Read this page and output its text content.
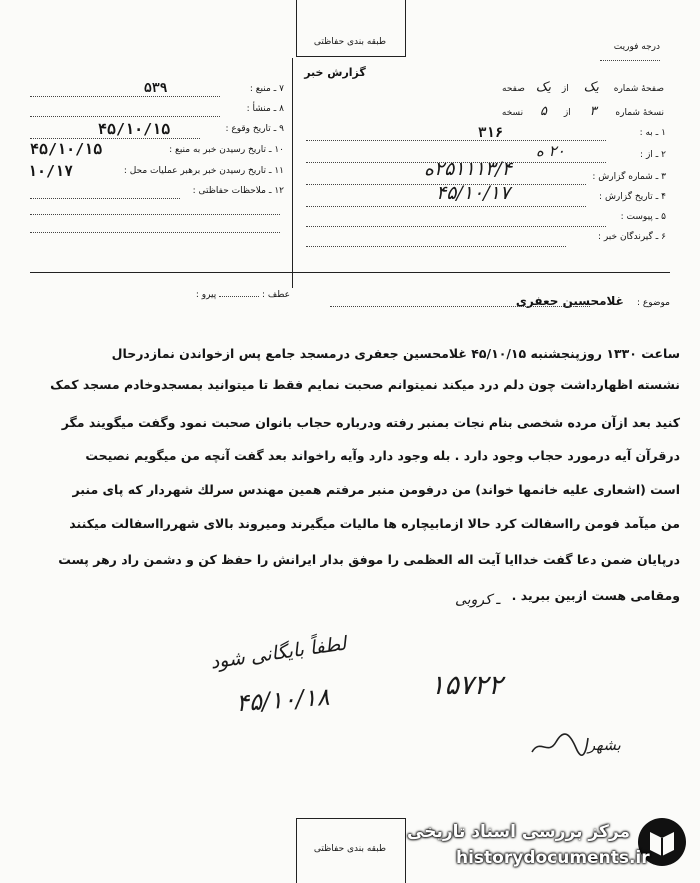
طبقه بندی حفاظتی	درجه فوریت
گزارش خبر
صفحهٔ شماره یک از یک صفحه
نسخهٔ شماره ۳ از ۵ نسخه
۷ ـ منبع :
۵۳۹
۸ ـ منشأ :
۹ ـ تاریخ وقوع :
۴۵/۱۰/۱۵
۱۰ ـ تاریخ رسیدن خبر به منبع :
۴۵/۱۰/۱۵
۱۱ ـ تاریخ رسیدن خبر برهبر عملیات محل :
۱۰/۱۷
۱۲ ـ ملاحظات حفاظتی :
۱ ـ به :
۳۱۶
۲ ـ از :
۲۰ ه
۳ ـ شماره گزارش :
۲۵۱۱۱۳/۴ه
۴ ـ تاریخ گزارش :
۴۵/۱۰/۱۷
۵ ـ پیوست :
۶ ـ گیرندگان خبر :
عطف :  پیرو :
موضوع : غلامحسین جعفری
ساعت ۱۳۳۰ روزپنجشنبه ۴۵/۱۰/۱۵ غلامحسین جعفری درمسجد جامع پس ازخواندن نمازدرحال
نشسته اظهارداشت چون دلم درد میکند نمیتوانم صحبت نمایم فقط تا میتوانید بمسجدوخادم مسجد کمک
کنید بعد ازآن مرده شخصی بنام نجات بمنبر رفته ودرباره حجاب بانوان صحبت نمود وگفت میگویند مگر
درقرآن آیه درمورد حجاب وجود دارد . بله وجود دارد وآیه راخواند بعد گفت آنچه من میگویم نصیحت
است (اشعاری علیه خانمها خواند) من درفومن منبر مرفتم همین مهندس سرلك شهردار كه پای منبر
من میآمد فومن رااسفالت کرد حالا ازمابیچاره ها مالیات میگیرند ومیروند بالای شهررااسفالت میکنند
درپایان ضمن دعا گفت خداایا آیت اله العظمی را موفق بدار ایرانش را حفظ کن و دشمن راد رهر پست
ومقامی هست ازبین ببرید .
ـ کروبی
لطفاً بایگانی شود
۴۵/۱۰/۱۸	۱۵۷۲۲
بشهر
طبقه بندی حفاظتی
مرکز بررسی اسناد تاریخی
historydocuments.ir
